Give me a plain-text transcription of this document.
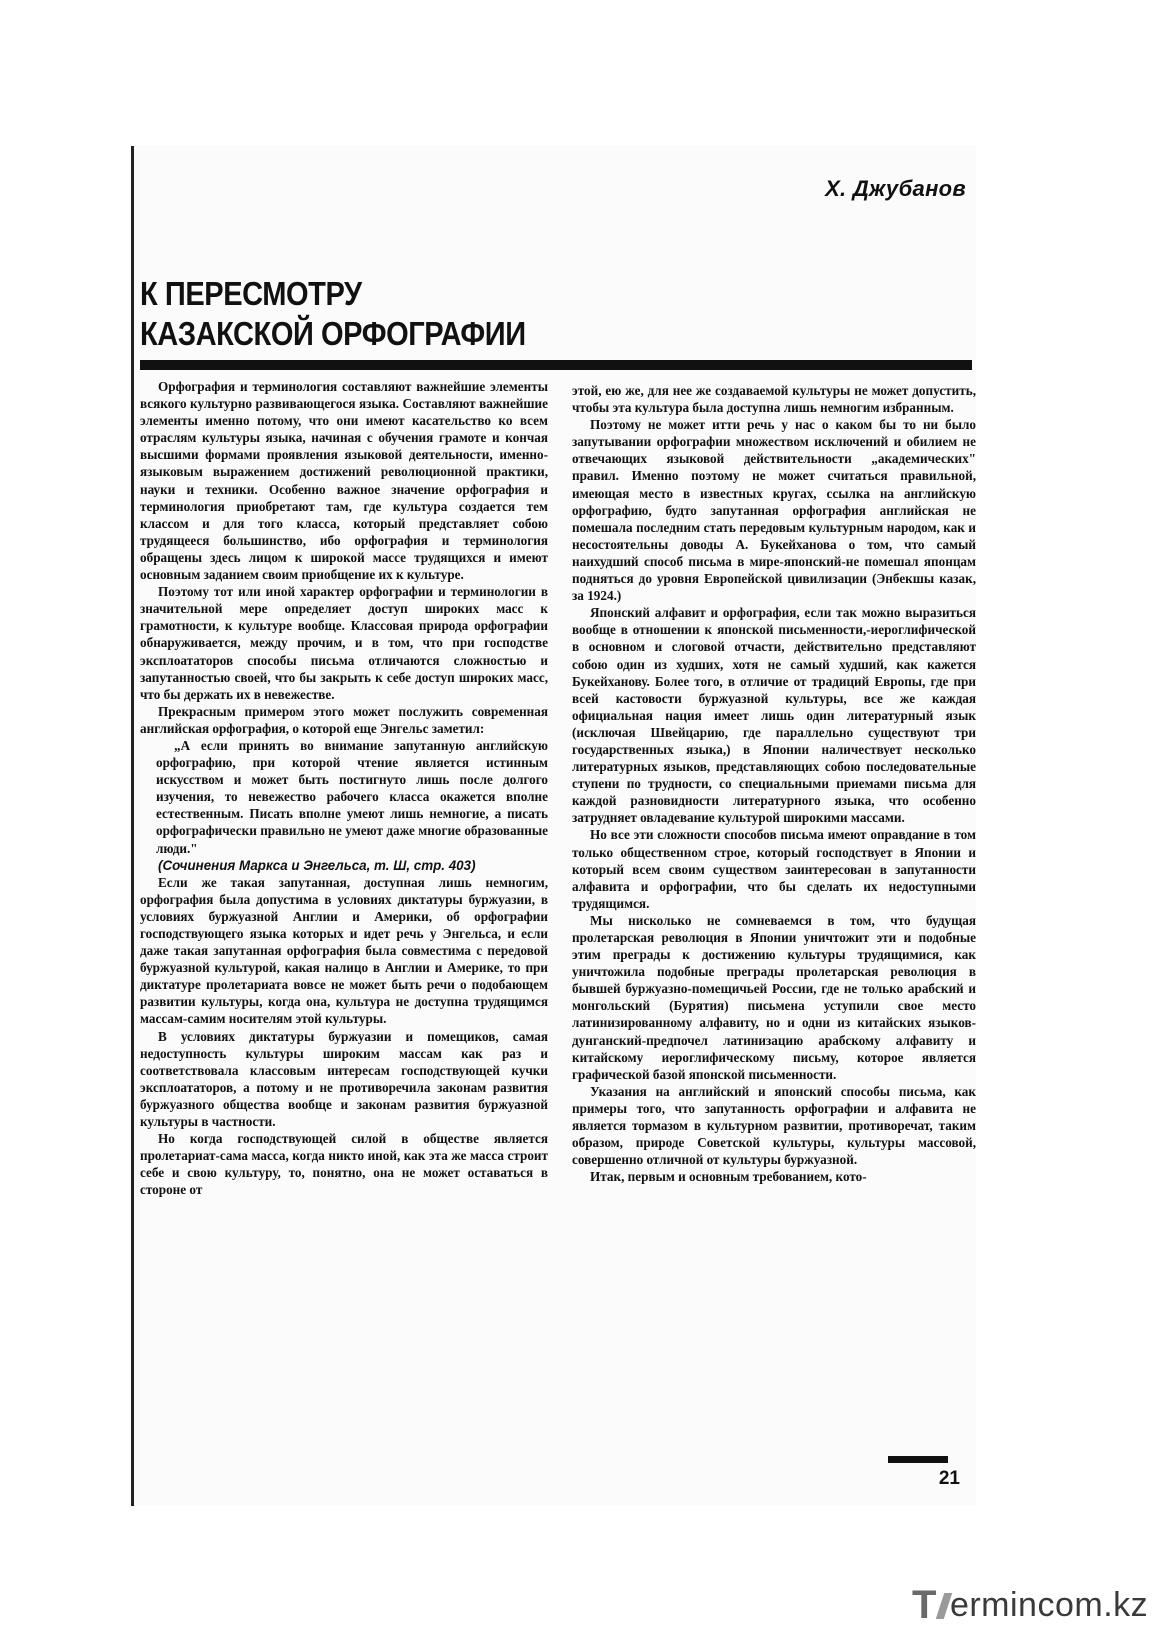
Х. Джубанов
К ПЕРЕСМОТРУ
КАЗАКСКОЙ ОРФОГРАФИИ

Орфография и терминология составляют важнейшие элементы всякого культурно развивающегося языка. Составляют важнейшие элементы именно потому, что они имеют касательство ко всем отраслям культуры языка, начиная с обучения грамоте и кончая высшими формами проявления языковой деятельности, именно-языковым выражением достижений революционной практики, науки и техники. Особенно важное значение орфография и терминология приобретают там, где культура создается тем классом и для того класса, который представляет собою трудящееся большинство, ибо орфография и терминология обращены здесь лицом к широкой массе трудящихся и имеют основным заданием своим приобщение их к культуре.

Поэтому тот или иной характер орфографии и терминологии в значительной мере определяет доступ широких масс к грамотности, к культуре вообще. Классовая природа орфографии обнаруживается, между прочим, и в том, что при господстве эксплоататоров способы письма отличаются сложностью и запутанностью своей, что бы закрыть к себе доступ широких масс, что бы держать их в невежестве.

Прекрасным примером этого может послужить современная английская орфография, о которой еще Энгельс заметил:

„А если принять во внимание запутанную английскую орфографию, при которой чтение является истинным искусством и может быть постигнуто лишь после долгого изучения, то невежество рабочего класса окажется вполне естественным. Писать вполне умеют лишь немногие, а писать орфографически правильно не умеют даже многие образованные люди."

(Сочинения Маркса и Энгельса, т. Ш, стр. 403)

Если же такая запутанная, доступная лишь немногим, орфография была допустима в условиях диктатуры буржуазии, в условиях буржуазной Англии и Америки, об орфографии господствующего языка которых и идет речь у Энгельса, и если даже такая запутанная орфография была совместима с передовой буржуазной культурой, какая налицо в Англии и Америке, то при диктатуре пролетариата вовсе не может быть речи о подобающем развитии культуры, когда она, культура не доступна трудящимся массам-самим носителям этой культуры.

В условиях диктатуры буржуазии и помещиков, самая недоступность культуры широким массам как раз и соответствовала классовым интересам господствующей кучки эксплоататоров, а потому и не противоречила законам развития буржуазного общества вообще и законам развития буржуазной культуры в частности.

Но когда господствующей силой в обществе является пролетариат-сама масса, когда никто иной, как эта же масса строит себе и свою культуру, то, понятно, она не может оставаться в стороне от

этой, ею же, для нее же создаваемой культуры не может допустить, чтобы эта культура была доступна лишь немногим избранным.

Поэтому не может итти речь у нас о каком бы то ни было запутывании орфографии множеством исключений и обилием не отвечающих языковой действительности „академических" правил. Именно поэтому не может считаться правильной, имеющая место в известных кругах, ссылка на английскую орфографию, будто запутанная орфография английская не помешала последним стать передовым культурным народом, как и несостоятельны доводы А. Букейханова о том, что самый наихудший способ письма в мире-японский-не помешал японцам подняться до уровня Европейской цивилизации (Энбекшы казак, за 1924.)

Японский алфавит и орфография, если так можно выразиться вообще в отношении к японской письменности,-иероглифической в основном и слоговой отчасти, действительно представляют собою один из худших, хотя не самый худший, как кажется Букейханову. Более того, в отличие от традиций Европы, где при всей кастовости буржуазной культуры, все же каждая официальная нация имеет лишь один литературный язык (исключая Швейцарию, где параллельно существуют три государственных языка,) в Японии наличествует несколько литературных языков, представляющих собою последовательные ступени по трудности, со специальными приемами письма для каждой разновидности литературного языка, что особенно затрудняет овладевание культурой широкими массами.

Но все эти сложности способов письма имеют оправдание в том только общественном строе, который господствует в Японии и который всем своим существом заинтересован в запутанности алфавита и орфографии, что бы сделать их недоступными трудящимся.

Мы нисколько не сомневаемся в том, что будущая пролетарская революция в Японии уничтожит эти и подобные этим преграды к достижению культуры трудящимися, как уничтожила подобные преграды пролетарская революция в бывшей буржуазно-помещичьей России, где не только арабский и монгольский (Бурятия) письмена уступили свое место латинизированному алфавиту, но и одни из китайских языков-дунганский-предпочел латинизацию арабскому алфавиту и китайскому иероглифическому письму, которое является графической базой японской письменности.

Указания на английский и японский способы письма, как примеры того, что запутанность орфографии и алфавита не является тормазом в культурном развитии, противоречат, таким образом, природе Советской культуры, культуры массовой, совершенно отличной от культуры буржуазной.

Итак, первым и основным требованием, кото-

21
T ermincom.kz
